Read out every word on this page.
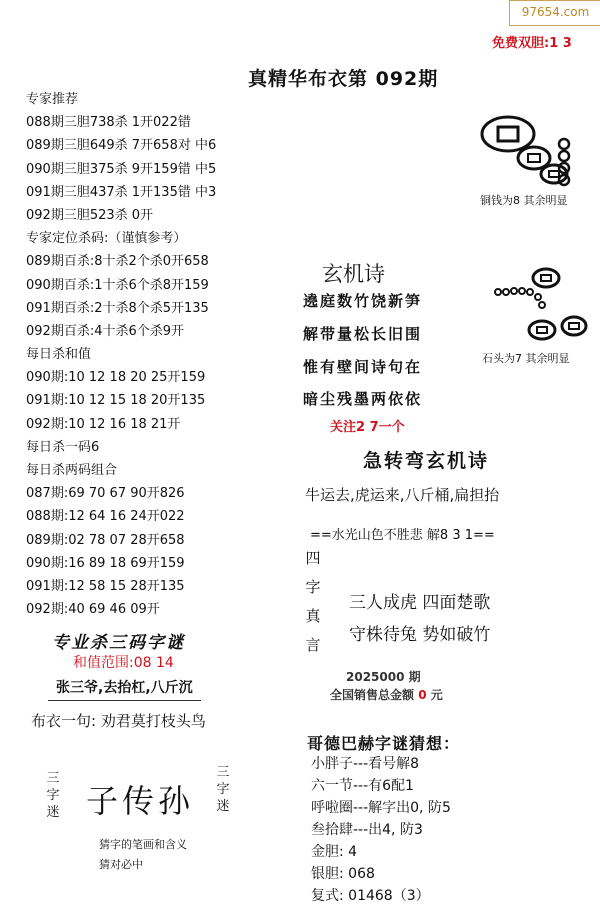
97654.com
免费双胆:1 3
真精华布衣第 092期
专家推荐
088期三胆738杀 1开022错
089期三胆649杀 7开658对 中6
090期三胆375杀 9开159错 中5
091期三胆437杀 1开135错 中3
092期三胆523杀 0开
专家定位杀码:（谨慎参考）
089期百杀:8十杀2个杀0开658
090期百杀:1十杀6个杀8开159
091期百杀:2十杀8个杀5开135
092期百杀:4十杀6个杀9开
每日杀和值
090期:10 12 18 20 25开159
091期:10 12 15 18 20开135
092期:10 12 16 18 21开
每日杀一码6
每日杀两码组合
087期:69 70 67 90开826
088期:12 64 16 24开022
089期:02 78 07 28开658
090期:16 89 18 69开159
091期:12 58 15 28开135
092期:40 69 46 09开
专业杀三码字谜
和值范围:08 14
张三爷,去抬杠,八斤沉
布衣一句: 劝君莫打枝头鸟
三字迷 子传孙
三字迷
猜字的笔画和含义
猜对必中
铜钱为8 其余明显
石头为7 其余明显
玄机诗
遶庭数竹饶新笋
解带量松长旧围
惟有壁间诗句在
暗尘残墨两依依
关注2 7一个
急转弯玄机诗
牛运去,虎运来,八斤桶,扁担抬
==水光山色不胜悲 解8 3 1==
四字真言
三人成虎 四面楚歌
守株待兔 势如破竹
2025000 期
全国销售总金额 0 元
哥德巴赫字谜猜想：
小胖子---看号解8
六一节---有6配1
呼啦圈---解字出0, 防5
叁拾肆---出4, 防3
金胆: 4
银胆: 068
复式: 01468（3）
